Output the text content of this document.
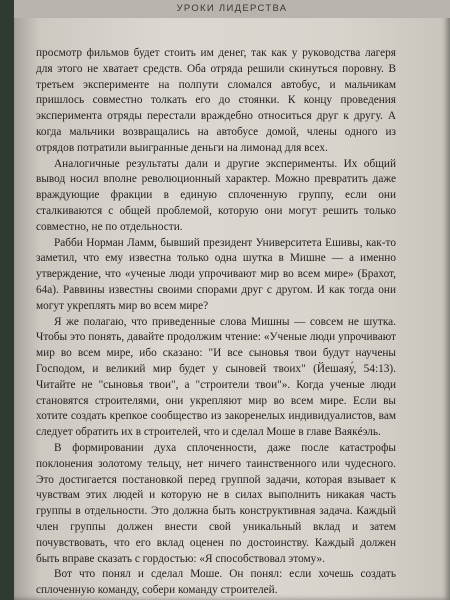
УРОКИ ЛИДЕРСТВА

просмотр фильмов будет стоить им денег, так как у руководства лагеря для этого не хватает средств. Оба отряда решили скинуться поровну. В третьем эксперименте на полпути сломался автобус, и мальчикам пришлось совместно толкать его до стоянки. К концу проведения эксперимента отряды перестали враждебно относиться друг к другу. А когда мальчики возвращались на автобусе домой, члены одного из отрядов потратили выигранные деньги на лимонад для всех.

Аналогичные результаты дали и другие эксперименты. Их общий вывод носил вполне революционный характер. Можно превратить даже враждующие фракции в единую сплоченную группу, если они сталкиваются с общей проблемой, которую они могут решить только совместно, не по отдельности.

Рабби Норман Ламм, бывший президент Университета Ешивы, как-то заметил, что ему известна только одна шутка в Мишне — а именно утверждение, что «ученые люди упрочивают мир во всем мире» (Брахот, 64а). Раввины известны своими спорами друг с другом. И как тогда они могут укреплять мир во всем мире?

Я же полагаю, что приведенные слова Мишны — совсем не шутка. Чтобы это понять, давайте продолжим чтение: «Ученые люди упрочивают мир во всем мире, ибо сказано: "И все сыновья твои будут научены Господом, и великий мир будет у сыновей твоих" (Йешаяу́, 54:13). Читайте не "сыновья твои", а "строители твои"». Когда ученые люди становятся строителями, они укрепляют мир во всем мире. Если вы хотите создать крепкое сообщество из закоренелых индивидуалистов, вам следует обратить их в строителей, что и сделал Моше в главе Ваякéэль.

В формировании духа сплоченности, даже после катастрофы поклонения золотому тельцу, нет ничего таинственного или чудесного. Это достигается постановкой перед группой задачи, которая взывает к чувствам этих людей и которую не в силах выполнить никакая часть группы в отдельности. Это должна быть конструктивная задача. Каждый член группы должен внести свой уникальный вклад и затем почувствовать, что его вклад оценен по достоинству. Каждый должен быть вправе сказать с гордостью: «Я способствовал этому».

Вот что понял и сделал Моше. Он понял: если хочешь создать сплоченную команду, собери команду строителей.
